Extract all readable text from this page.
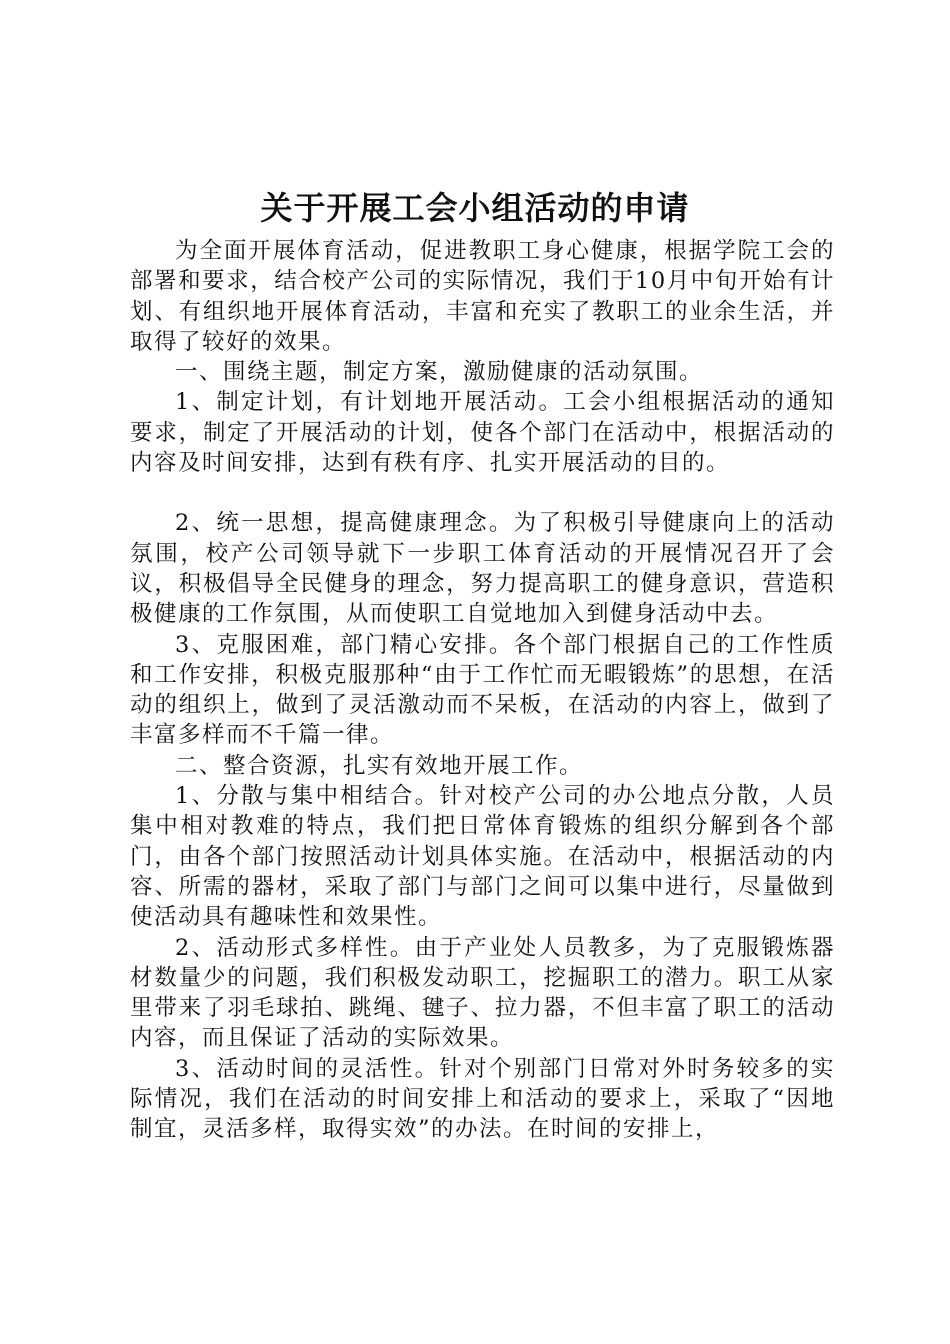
关于开展工会小组活动的申请

为全面开展体育活动，促进教职工身心健康，根据学院工会的部署和要求，结合校产公司的实际情况，我们于10月中旬开始有计划、有组织地开展体育活动，丰富和充实了教职工的业余生活，并取得了较好的效果。

一、围绕主题，制定方案，激励健康的活动氛围。

1、制定计划，有计划地开展活动。工会小组根据活动的通知要求，制定了开展活动的计划，使各个部门在活动中，根据活动的内容及时间安排，达到有秩有序、扎实开展活动的目的。

2、统一思想，提高健康理念。为了积极引导健康向上的活动氛围，校产公司领导就下一步职工体育活动的开展情况召开了会议，积极倡导全民健身的理念，努力提高职工的健身意识，营造积极健康的工作氛围，从而使职工自觉地加入到健身活动中去。

3、克服困难，部门精心安排。各个部门根据自己的工作性质和工作安排，积极克服那种“由于工作忙而无暇锻炼”的思想，在活动的组织上，做到了灵活激动而不呆板，在活动的内容上，做到了丰富多样而不千篇一律。

二、整合资源，扎实有效地开展工作。

1、分散与集中相结合。针对校产公司的办公地点分散，人员集中相对教难的特点，我们把日常体育锻炼的组织分解到各个部门，由各个部门按照活动计划具体实施。在活动中，根据活动的内容、所需的器材，采取了部门与部门之间可以集中进行，尽量做到使活动具有趣味性和效果性。

2、活动形式多样性。由于产业处人员教多，为了克服锻炼器材数量少的问题，我们积极发动职工，挖掘职工的潜力。职工从家里带来了羽毛球拍、跳绳、毽子、拉力器，不但丰富了职工的活动内容，而且保证了活动的实际效果。

3、活动时间的灵活性。针对个别部门日常对外时务较多的实际情况，我们在活动的时间安排上和活动的要求上，采取了“因地制宜，灵活多样，取得实效”的办法。在时间的安排上，
